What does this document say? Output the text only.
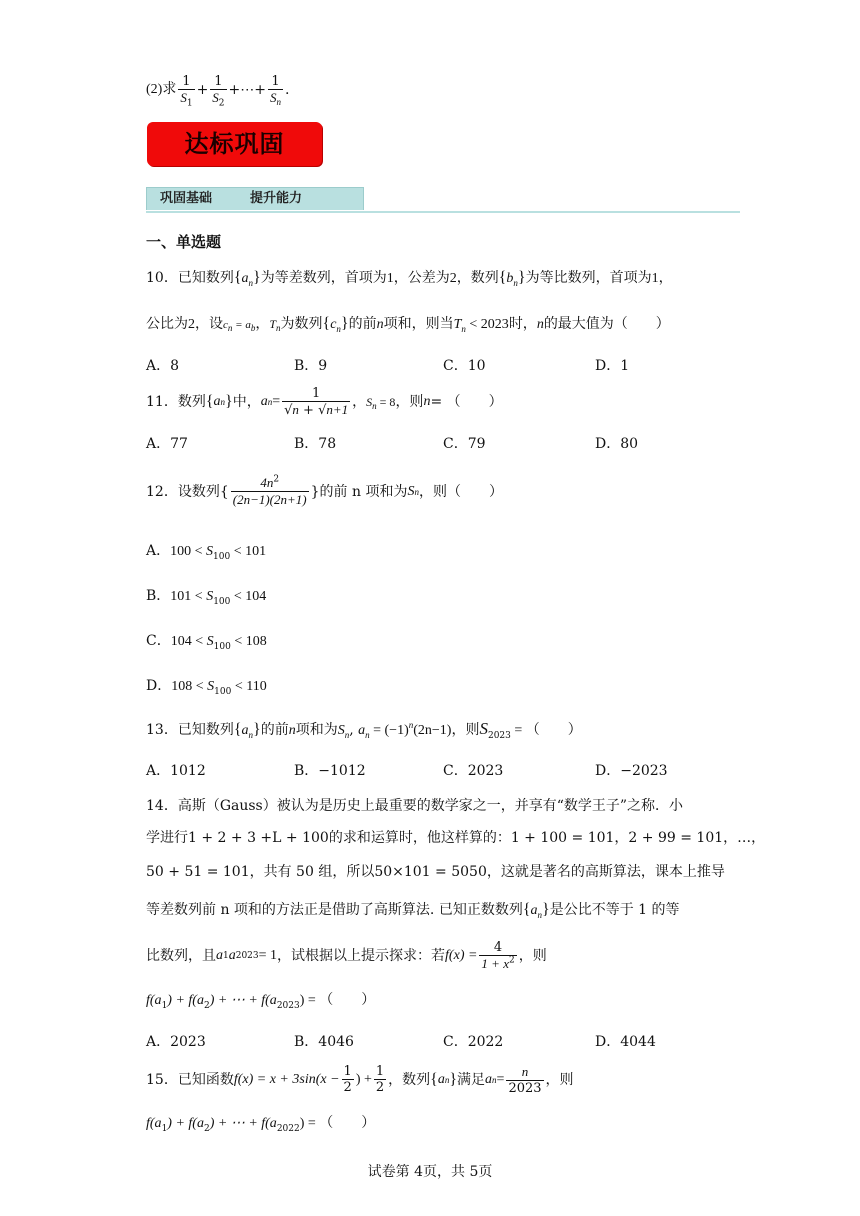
(2)求 $\frac{1}{S_1} + \frac{1}{S_2}$ +⋯+ $\frac{1}{S_n}$ .
达标巩固
巩固基础	提升能力
一、单选题
10．已知数列$\{a_n\}$为等差数列，首项为1，公差为2，数列$\{b_n\}$为等比数列，首项为1，
公比为2，设$c_n = a_b$，$T_n$为数列$\{c_n\}$的前n项和，则当$T_n < 2023$时，n的最大值为（　　）
A．8	B．9	C．10	D．1
11． 数列 { a n } 中， a $n = \frac{1}{√n + √n+1}$ ， $S_n = 8$ ，则 n = （　　）
A．77	B．78	C．79	D．80
12． 设数列{ $\frac{4n^2}{(2n-1)(2n+1)}$ }的前 n 项和为 S n ，则（　　）
A．$100 < S_{100} < 101$
B．$101 < S_{100} < 104$
C．$104 < S_{100} < 108$
D．$108 < S_{100} < 110$
13．已知数列$\{a_n\}$的前n项和为$S_n$, $a_n = (-1)^n(2n-1)$，则$S_{2023}$ = （　　）
A．1012	B．−1012	C．2023	D．−2023
14．高斯（Gauss）被认为是历史上最重要的数学家之一，并享有“数学王子”之称．小
学进行1 + 2 + 3 +L + 100的求和运算时，他这样算的：1 + 100 = 101，2 + 99 = 101，…，
50 + 51 = 101，共有 50 组，所以50×101 = 5050，这就是著名的高斯算法，课本上推导
等差数列前 n 项和的方法正是借助了高斯算法. 已知正数数列$\{a_n\}$是公比不等于 1 的等
比数列，且 a 1 a 2023 = 1 ，试根据以上提示探求：若 $f(x) = \frac{4}{1 + x^2}$ ，则
$f(a_1) + f(a_2)$ + ⋯ + $f(a_{2023})$ = （　　）
A．2023	B．4046	C．2022	D．4044
15． 已知函数 $f(x) = x + 3\sin(x - \frac{1}{2}$ ) + $\frac{1}{2}$ ，数列 { a n } 满足 a $n = \frac{n}{2023}$ ，则
$f(a_1) + f(a_2)$ + ⋯ + $f(a_{2022})$ = （　　）
试卷第 4页，共 5页
